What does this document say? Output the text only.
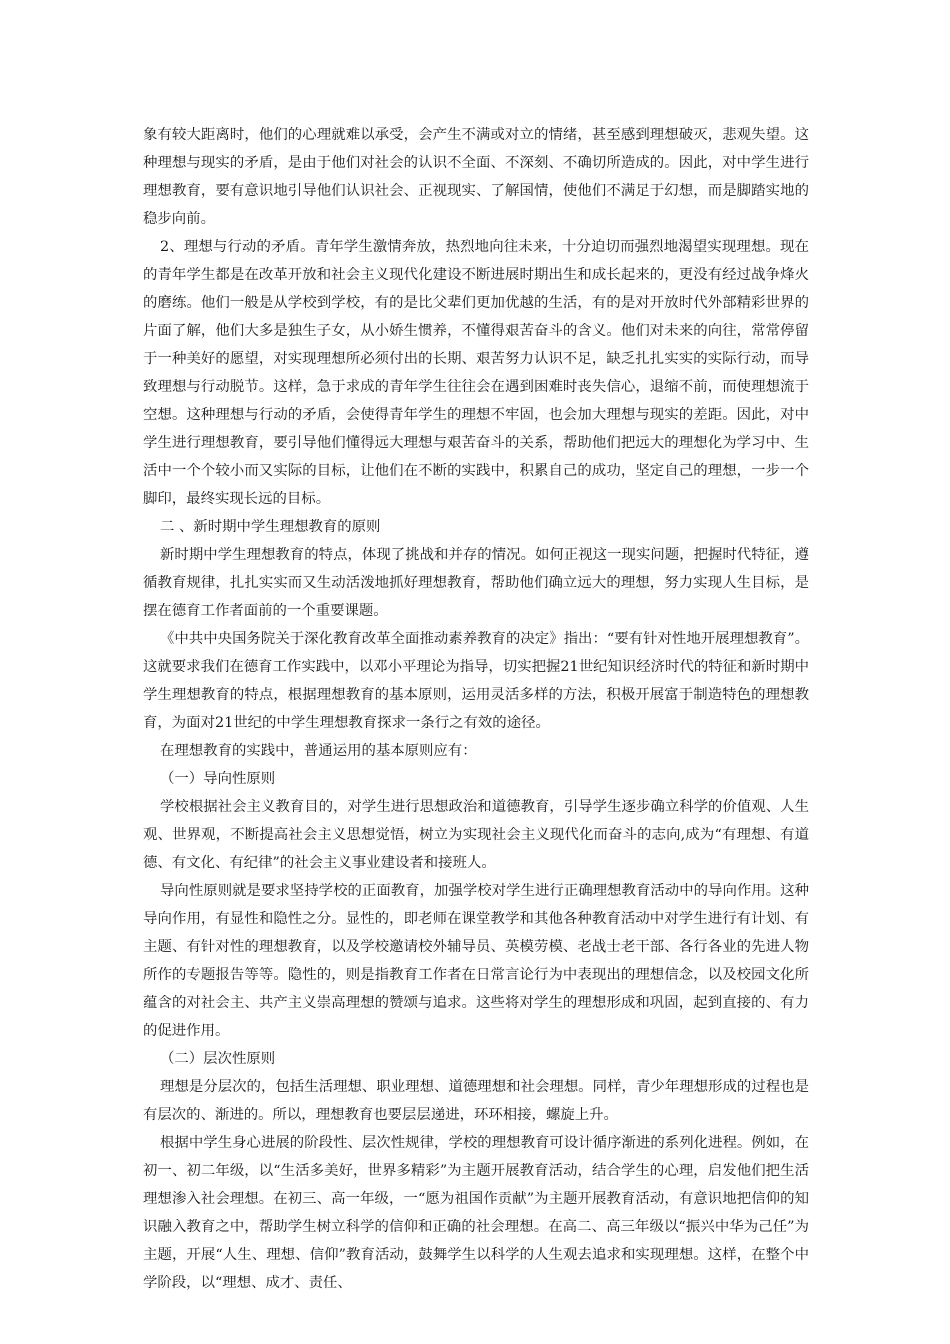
象有较大距离时，他们的心理就难以承受，会产生不满或对立的情绪，甚至感到理想破灭，悲观失望。这种理想与现实的矛盾，是由于他们对社会的认识不全面、不深刻、不确切所造成的。因此，对中学生进行理想教育，要有意识地引导他们认识社会、正视现实、了解国情，使他们不满足于幻想，而是脚踏实地的稳步向前。

2、理想与行动的矛盾。青年学生激情奔放，热烈地向往未来，十分迫切而强烈地渴望实现理想。现在的青年学生都是在改革开放和社会主义现代化建设不断进展时期出生和成长起来的，更没有经过战争烽火的磨练。他们一般是从学校到学校，有的是比父辈们更加优越的生活，有的是对开放时代外部精彩世界的片面了解，他们大多是独生子女，从小娇生惯养，不懂得艰苦奋斗的含义。他们对未来的向往，常常停留于一种美好的愿望，对实现理想所必须付出的长期、艰苦努力认识不足，缺乏扎扎实实的实际行动，而导致理想与行动脱节。这样，急于求成的青年学生往往会在遇到困难时丧失信心，退缩不前，而使理想流于空想。这种理想与行动的矛盾，会使得青年学生的理想不牢固，也会加大理想与现实的差距。因此，对中学生进行理想教育，要引导他们懂得远大理想与艰苦奋斗的关系，帮助他们把远大的理想化为学习中、生活中一个个较小而又实际的目标，让他们在不断的实践中，积累自己的成功，坚定自己的理想，一步一个脚印，最终实现长远的目标。

二 、新时期中学生理想教育的原则

新时期中学生理想教育的特点，体现了挑战和并存的情况。如何正视这一现实问题，把握时代特征，遵循教育规律，扎扎实实而又生动活泼地抓好理想教育，帮助他们确立远大的理想，努力实现人生目标，是摆在德育工作者面前的一个重要课题。

《中共中央国务院关于深化教育改革全面推动素养教育的决定》指出：“要有针对性地开展理想教育”。这就要求我们在德育工作实践中，以邓小平理论为指导，切实把握21世纪知识经济时代的特征和新时期中学生理想教育的特点，根据理想教育的基本原则，运用灵活多样的方法，积极开展富于制造特色的理想教育，为面对21世纪的中学生理想教育探求一条行之有效的途径。

在理想教育的实践中，普通运用的基本原则应有：

（一）导向性原则

学校根据社会主义教育目的，对学生进行思想政治和道德教育，引导学生逐步确立科学的价值观、人生观、世界观，不断提高社会主义思想觉悟，树立为实现社会主义现代化而奋斗的志向,成为“有理想、有道德、有文化、有纪律”的社会主义事业建设者和接班人。

导向性原则就是要求坚持学校的正面教育，加强学校对学生进行正确理想教育活动中的导向作用。这种导向作用，有显性和隐性之分。显性的，即老师在课堂教学和其他各种教育活动中对学生进行有计划、有主题、有针对性的理想教育，以及学校邀请校外辅导员、英模劳模、老战士老干部、各行各业的先进人物所作的专题报告等等。隐性的，则是指教育工作者在日常言论行为中表现出的理想信念，以及校园文化所蕴含的对社会主、共产主义崇高理想的赞颂与追求。这些将对学生的理想形成和巩固，起到直接的、有力的促进作用。

（二）层次性原则

理想是分层次的，包括生活理想、职业理想、道德理想和社会理想。同样，青少年理想形成的过程也是有层次的、渐进的。所以，理想教育也要层层递进，环环相接，螺旋上升。

根据中学生身心进展的阶段性、层次性规律，学校的理想教育可设计循序渐进的系列化进程。例如，在初一、初二年级，以“生活多美好，世界多精彩”为主题开展教育活动，结合学生的心理，启发他们把生活理想渗入社会理想。在初三、高一年级，一“愿为祖国作贡献”为主题开展教育活动，有意识地把信仰的知识融入教育之中，帮助学生树立科学的信仰和正确的社会理想。在高二、高三年级以“振兴中华为己任”为主题，开展“人生、理想、信仰”教育活动，鼓舞学生以科学的人生观去追求和实现理想。这样，在整个中学阶段，以“理想、成才、责任、
